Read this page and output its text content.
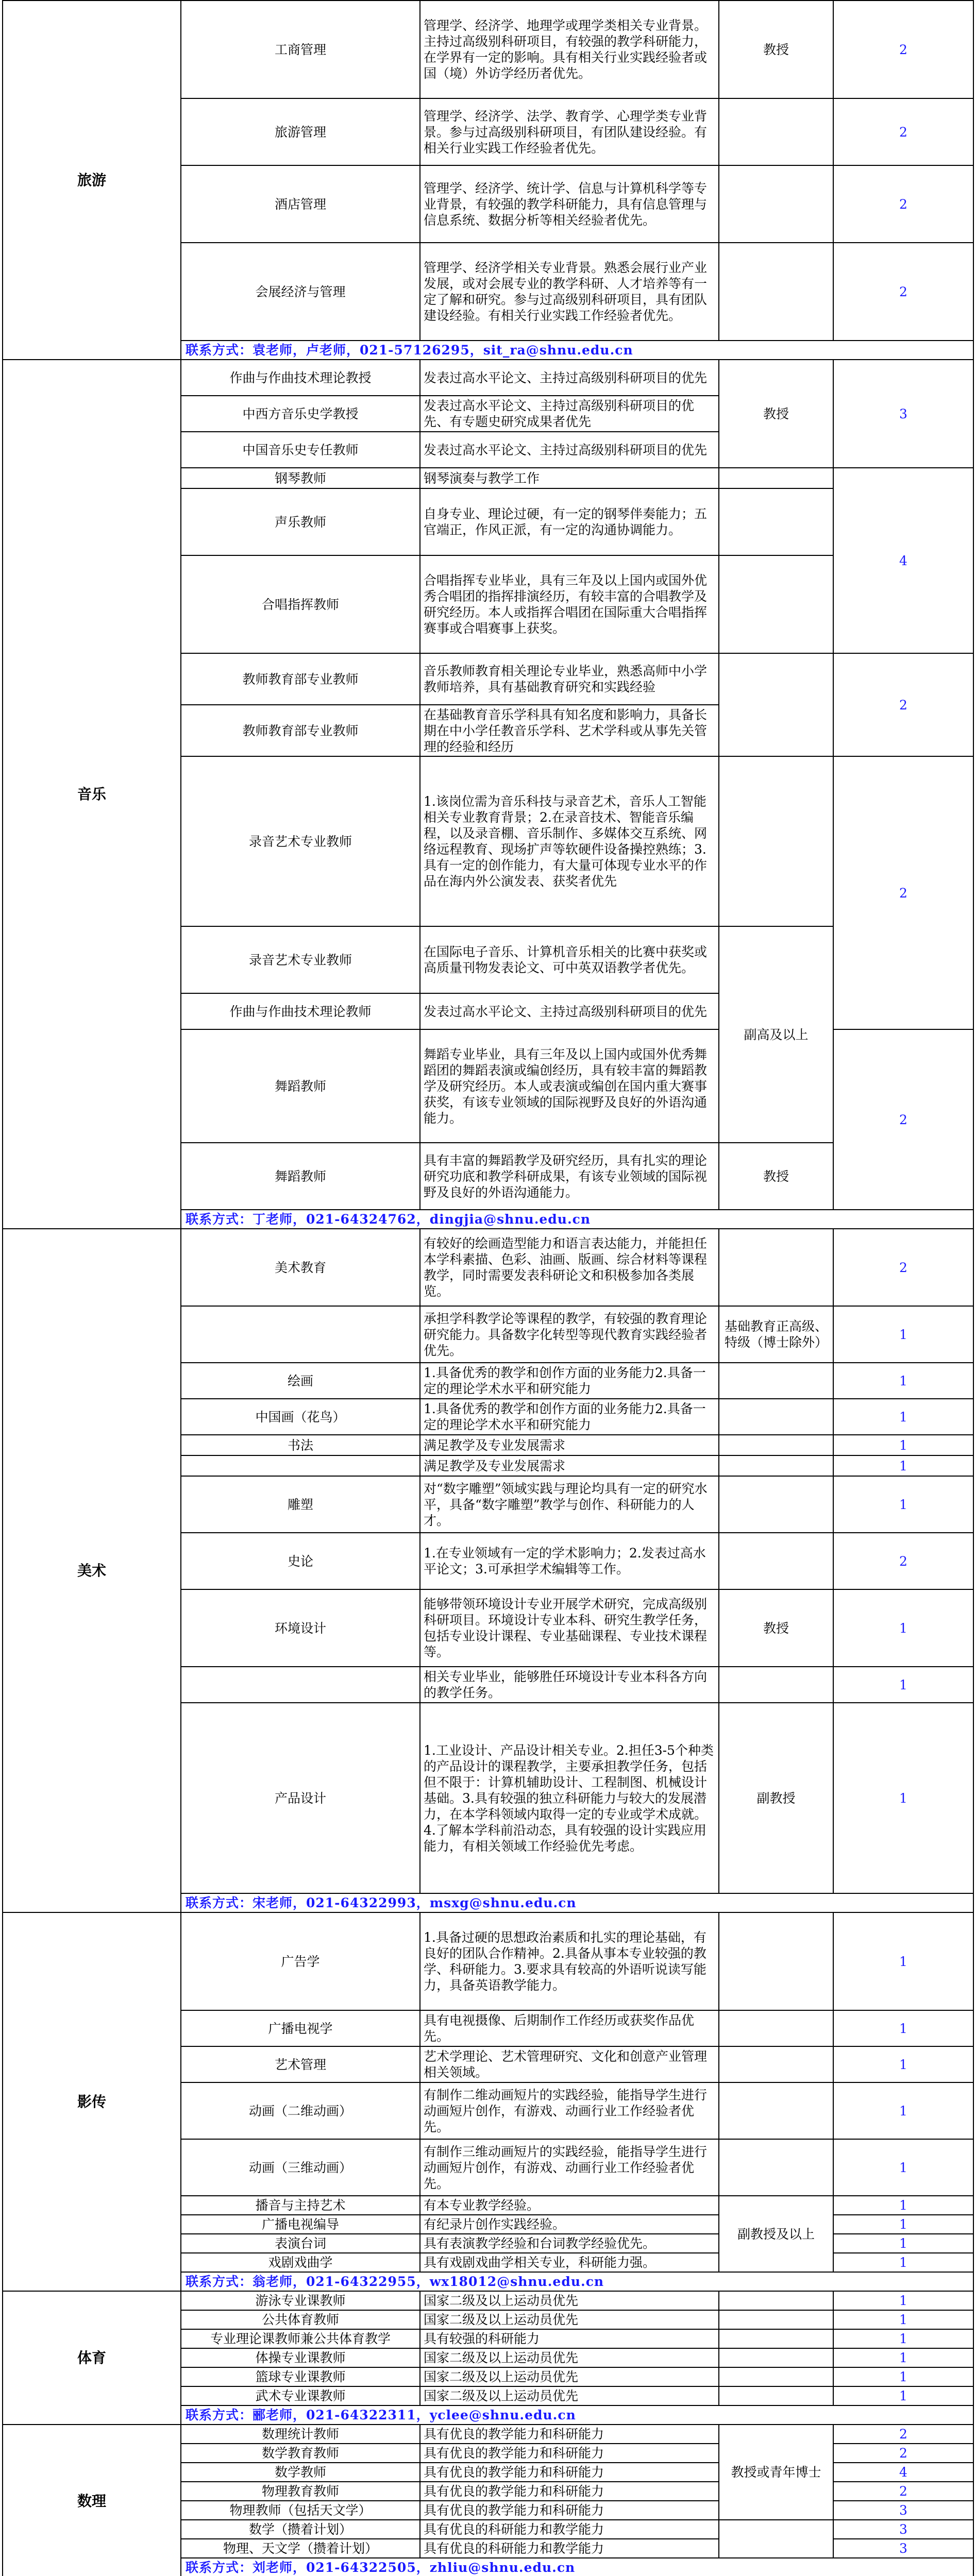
旅游	工商管理	管理学、经济学、地理学或理学类相关专业背景。主持过高级别科研项目，有较强的教学科研能力，在学界有一定的影响。具有相关行业实践经验者或国（境）外访学经历者优先。	教授	2
	旅游管理	管理学、经济学、法学、教育学、心理学类专业背景。参与过高级别科研项目，有团队建设经验。有相关行业实践工作经验者优先。		2
	酒店管理	管理学、经济学、统计学、信息与计算机科学等专业背景，有较强的教学科研能力，具有信息管理与信息系统、数据分析等相关经验者优先。		2
	会展经济与管理	管理学、经济学相关专业背景。熟悉会展行业产业发展，或对会展专业的教学科研、人才培养等有一定了解和研究。参与过高级别科研项目，具有团队建设经验。有相关行业实践工作经验者优先。		2
	联系方式：袁老师，卢老师，021-57126295，sit_ra@shnu.edu.cn			
音乐	作曲与作曲技术理论教授	发表过高水平论文、主持过高级别科研项目的优先	教授	3
	中西方音乐史学教授	发表过高水平论文、主持过高级别科研项目的优先、有专题史研究成果者优先		
	中国音乐史专任教师	发表过高水平论文、主持过高级别科研项目的优先		
	钢琴教师	钢琴演奏与教学工作		4
	声乐教师	自身专业、理论过硬，有一定的钢琴伴奏能力；五官端正，作风正派，有一定的沟通协调能力。		
	合唱指挥教师	合唱指挥专业毕业，具有三年及以上国内或国外优秀合唱团的指挥排演经历，有较丰富的合唱教学及研究经历。本人或指挥合唱团在国际重大合唱指挥赛事或合唱赛事上获奖。		
	教师教育部专业教师	音乐教师教育相关理论专业毕业，熟悉高师中小学教师培养，具有基础教育研究和实践经验		2
	教师教育部专业教师	在基础教育音乐学科具有知名度和影响力，具备长期在中小学任教音乐学科、艺术学科或从事先关管理的经验和经历		
	录音艺术专业教师	1.该岗位需为音乐科技与录音艺术，音乐人工智能相关专业教育背景；2.在录音技术、智能音乐编程，以及录音棚、音乐制作、多媒体交互系统、网络远程教育、现场扩声等软硬件设备操控熟练；3.具有一定的创作能力，有大量可体现专业水平的作品在海内外公演发表、获奖者优先		2
	录音艺术专业教师	在国际电子音乐、计算机音乐相关的比赛中获奖或高质量刊物发表论文、可中英双语教学者优先。	副高及以上	
	作曲与作曲技术理论教师	发表过高水平论文、主持过高级别科研项目的优先		
	舞蹈教师	舞蹈专业毕业，具有三年及以上国内或国外优秀舞蹈团的舞蹈表演或编创经历，具有较丰富的舞蹈教学及研究经历。本人或表演或编创在国内重大赛事获奖，有该专业领域的国际视野及良好的外语沟通能力。		2
	舞蹈教师	具有丰富的舞蹈教学及研究经历，具有扎实的理论研究功底和教学科研成果，有该专业领域的国际视野及良好的外语沟通能力。	教授	
	联系方式：丁老师，021-64324762，dingjia@shnu.edu.cn			
美术	美术教育	有较好的绘画造型能力和语言表达能力，并能担任本学科素描、色彩、油画、版画、综合材料等课程教学，同时需要发表科研论文和积极参加各类展览。		2
		承担学科教学论等课程的教学，有较强的教育理论研究能力。具备数字化转型等现代教育实践经验者优先。	基础教育正高级、特级（博士除外）	1
	绘画	1.具备优秀的教学和创作方面的业务能力2.具备一定的理论学术水平和研究能力		1
	中国画（花鸟）	1.具备优秀的教学和创作方面的业务能力2.具备一定的理论学术水平和研究能力		1
	书法	满足教学及专业发展需求		1
		满足教学及专业发展需求		1
	雕塑	对“数字雕塑”领域实践与理论均具有一定的研究水平，具备“数字雕塑”教学与创作、科研能力的人才。		1
	史论	1.在专业领域有一定的学术影响力；2.发表过高水平论文；3.可承担学术编辑等工作。		2
	环境设计	能够带领环境设计专业开展学术研究，完成高级别科研项目。环境设计专业本科、研究生教学任务，包括专业设计课程、专业基础课程、专业技术课程等。	教授	1
		相关专业毕业，能够胜任环境设计专业本科各方向的教学任务。		1
	产品设计	1.工业设计、产品设计相关专业。2.担任3-5个种类的产品设计的课程教学，主要承担教学任务，包括但不限于：计算机辅助设计、工程制图、机械设计基础。3.具有较强的独立科研能力与较大的发展潜力，在本学科领域内取得一定的专业或学术成就。4.了解本学科前沿动态，具有较强的设计实践应用能力，有相关领域工作经验优先考虑。	副教授	1
	联系方式：宋老师，021-64322993，msxg@shnu.edu.cn			
影传	广告学	1.具备过硬的思想政治素质和扎实的理论基础，有良好的团队合作精神。2.具备从事本专业较强的教学、科研能力。3.要求具有较高的外语听说读写能力，具备英语教学能力。		1
	广播电视学	具有电视摄像、后期制作工作经历或获奖作品优先。		1
	艺术管理	艺术学理论、艺术管理研究、文化和创意产业管理相关领域。		1
	动画（二维动画）	有制作二维动画短片的实践经验，能指导学生进行动画短片创作，有游戏、动画行业工作经验者优先。		1
	动画（三维动画）	有制作三维动画短片的实践经验，能指导学生进行动画短片创作，有游戏、动画行业工作经验者优先。		1
	播音与主持艺术	有本专业教学经验。	副教授及以上	1
	广播电视编导	有纪录片创作实践经验。		1
	表演台词	具有表演教学经验和台词教学经验优先。		1
	戏剧戏曲学	具有戏剧戏曲学相关专业，科研能力强。		1
	联系方式：翁老师，021-64322955，wx18012@shnu.edu.cn			
体育	游泳专业课教师	国家二级及以上运动员优先		1
	公共体育教师	国家二级及以上运动员优先		1
	专业理论课教师兼公共体育教学	具有较强的科研能力		1
	体操专业课教师	国家二级及以上运动员优先		1
	篮球专业课教师	国家二级及以上运动员优先		1
	武术专业课教师	国家二级及以上运动员优先		1
	联系方式：郦老师，021-64322311，yclee@shnu.edu.cn			
数理	数理统计教师	具有优良的教学能力和科研能力	教授或青年博士	2
	数学教育教师	具有优良的教学能力和科研能力		2
	数学教师	具有优良的教学能力和科研能力		4
	物理教育教师	具有优良的教学能力和科研能力		2
	物理教师（包括天文学）	具有优良的教学能力和科研能力		3
	数学（攒着计划）	具有优良的科研能力和教学能力		3
	物理、天文学（攒着计划）	具有优良的科研能力和教学能力		3
	联系方式：刘老师，021-64322505，zhliu@shnu.edu.cn			
